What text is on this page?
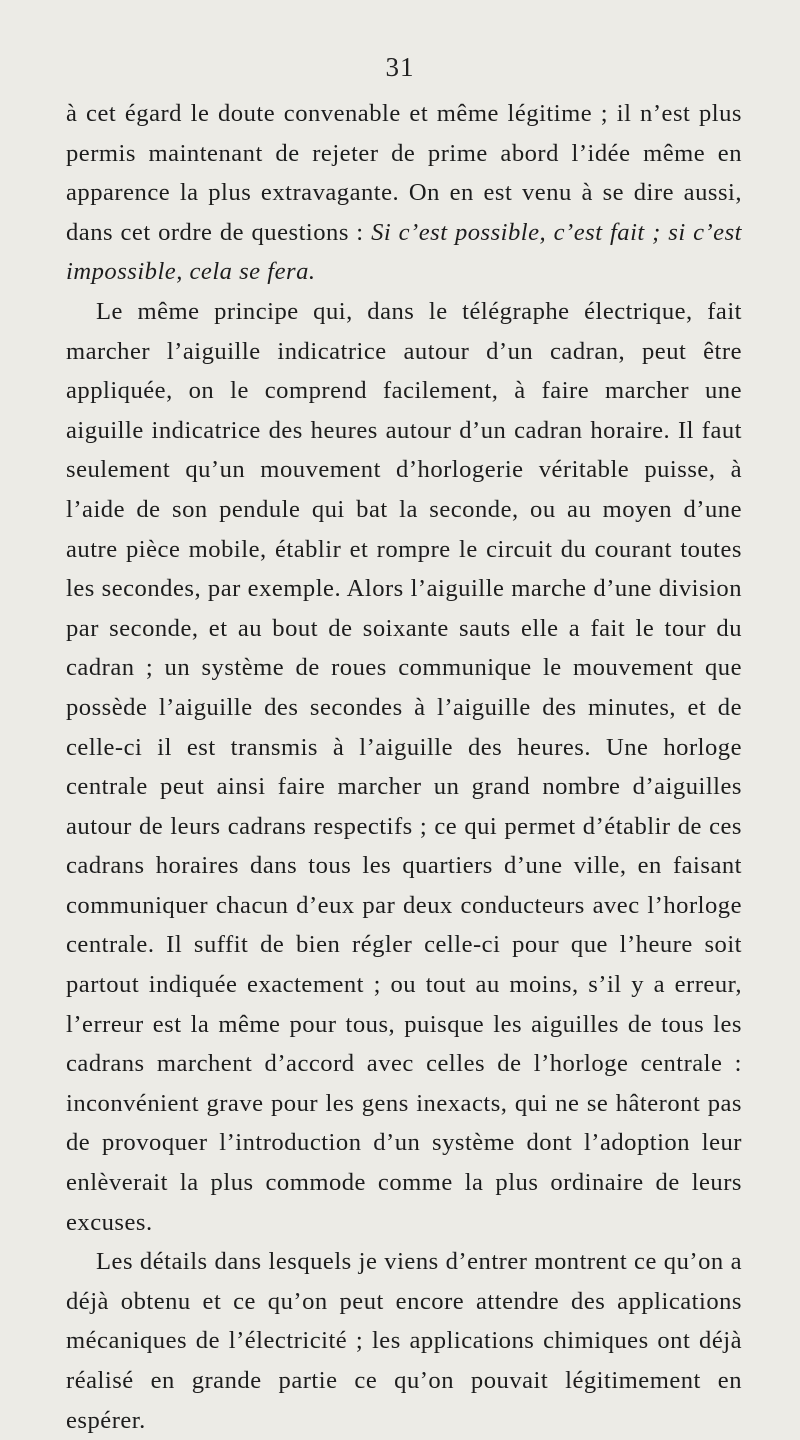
31

à cet égard le doute convenable et même légitime ; il n’est plus permis maintenant de rejeter de prime abord l’idée même en apparence la plus extravagante. On en est venu à se dire aussi, dans cet ordre de questions : Si c’est possible, c’est fait ; si c’est impossible, cela se fera.

Le même principe qui, dans le télégraphe électrique, fait marcher l’aiguille indicatrice autour d’un cadran, peut être appliquée, on le comprend facilement, à faire marcher une aiguille indicatrice des heures autour d’un cadran horaire. Il faut seulement qu’un mouvement d’horlogerie véritable puisse, à l’aide de son pendule qui bat la seconde, ou au moyen d’une autre pièce mobile, établir et rompre le circuit du courant toutes les secondes, par exemple. Alors l’aiguille marche d’une division par seconde, et au bout de soixante sauts elle a fait le tour du cadran ; un système de roues communique le mouvement que possède l’aiguille des secondes à l’aiguille des minutes, et de celle-ci il est transmis à l’aiguille des heures. Une horloge centrale peut ainsi faire marcher un grand nombre d’aiguilles autour de leurs cadrans respectifs ; ce qui permet d’établir de ces cadrans horaires dans tous les quartiers d’une ville, en faisant communiquer chacun d’eux par deux conducteurs avec l’horloge centrale. Il suffit de bien régler celle-ci pour que l’heure soit partout indiquée exactement ; ou tout au moins, s’il y a erreur, l’erreur est la même pour tous, puisque les aiguilles de tous les cadrans marchent d’accord avec celles de l’horloge centrale : inconvénient grave pour les gens inexacts, qui ne se hâteront pas de provoquer l’introduction d’un système dont l’adoption leur enlèverait la plus commode comme la plus ordinaire de leurs excuses.

Les détails dans lesquels je viens d’entrer montrent ce qu’on a déjà obtenu et ce qu’on peut encore attendre des applications mécaniques de l’électricité ; les applications chimiques ont déjà réalisé en grande partie ce qu’on pouvait légitimement en espérer.
